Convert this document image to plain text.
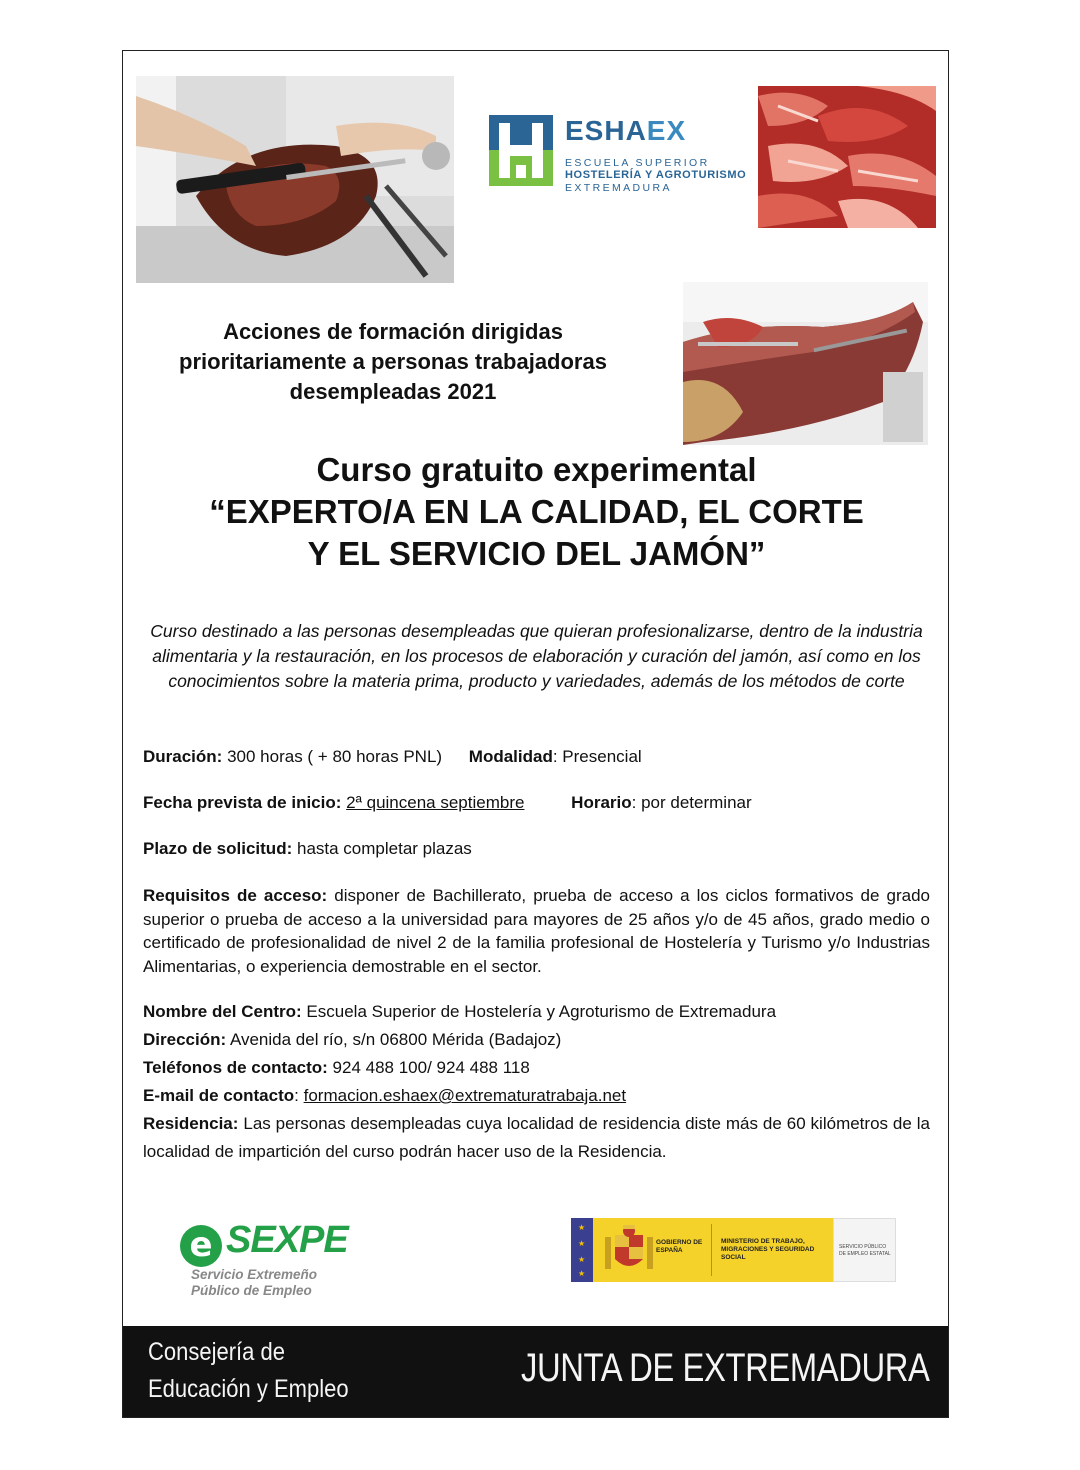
ESHAEX
ESCUELA SUPERIOR
HOSTELERÍA Y AGROTURISMO
EXTREMADURA
Acciones de formación dirigidas prioritariamente a personas trabajadoras desempleadas 2021
Curso gratuito experimental
“EXPERTO/A EN LA CALIDAD, EL CORTE
Y EL SERVICIO DEL JAMÓN”
Curso destinado a las personas desempleadas que quieran profesionalizarse, dentro de la industria alimentaria y la restauración, en los procesos de elaboración y curación del jamón, así como en los conocimientos sobre la materia prima, producto y variedades, además de los métodos de corte
Duración: 300 horas ( + 80 horas PNL) Modalidad: Presencial
Fecha prevista de inicio: 2ª quincena septiembre	Horario: por determinar
Plazo de solicitud: hasta completar plazas
Requisitos de acceso: disponer de Bachillerato, prueba de acceso a los ciclos formativos de grado superior o prueba de acceso a la universidad para mayores de 25 años y/o de 45 años, grado medio o certificado de profesionalidad de nivel 2 de la familia profesional de Hostelería y Turismo y/o Industrias Alimentarias, o experiencia demostrable en el sector.
Nombre del Centro: Escuela Superior de Hostelería y Agroturismo de Extremadura
Dirección: Avenida del río, s/n 06800 Mérida (Badajoz)
Teléfonos de contacto: 924 488 100/ 924 488 118
E-mail de contacto: formacion.eshaex@extrematuratrabaja.net
Residencia: Las personas desempleadas cuya localidad de residencia diste más de 60 kilómetros de la localidad de impartición del curso podrán hacer uso de la Residencia.
e SEXPE
Servicio Extremeño
Público de Empleo
★
★
★
★
GOBIERNO DE ESPAÑA
MINISTERIO DE TRABAJO, MIGRACIONES Y SEGURIDAD SOCIAL
SERVICIO PÚBLICO DE EMPLEO ESTATAL
Consejería de
Educación y Empleo	JUNTA DE EXTREMADURA
